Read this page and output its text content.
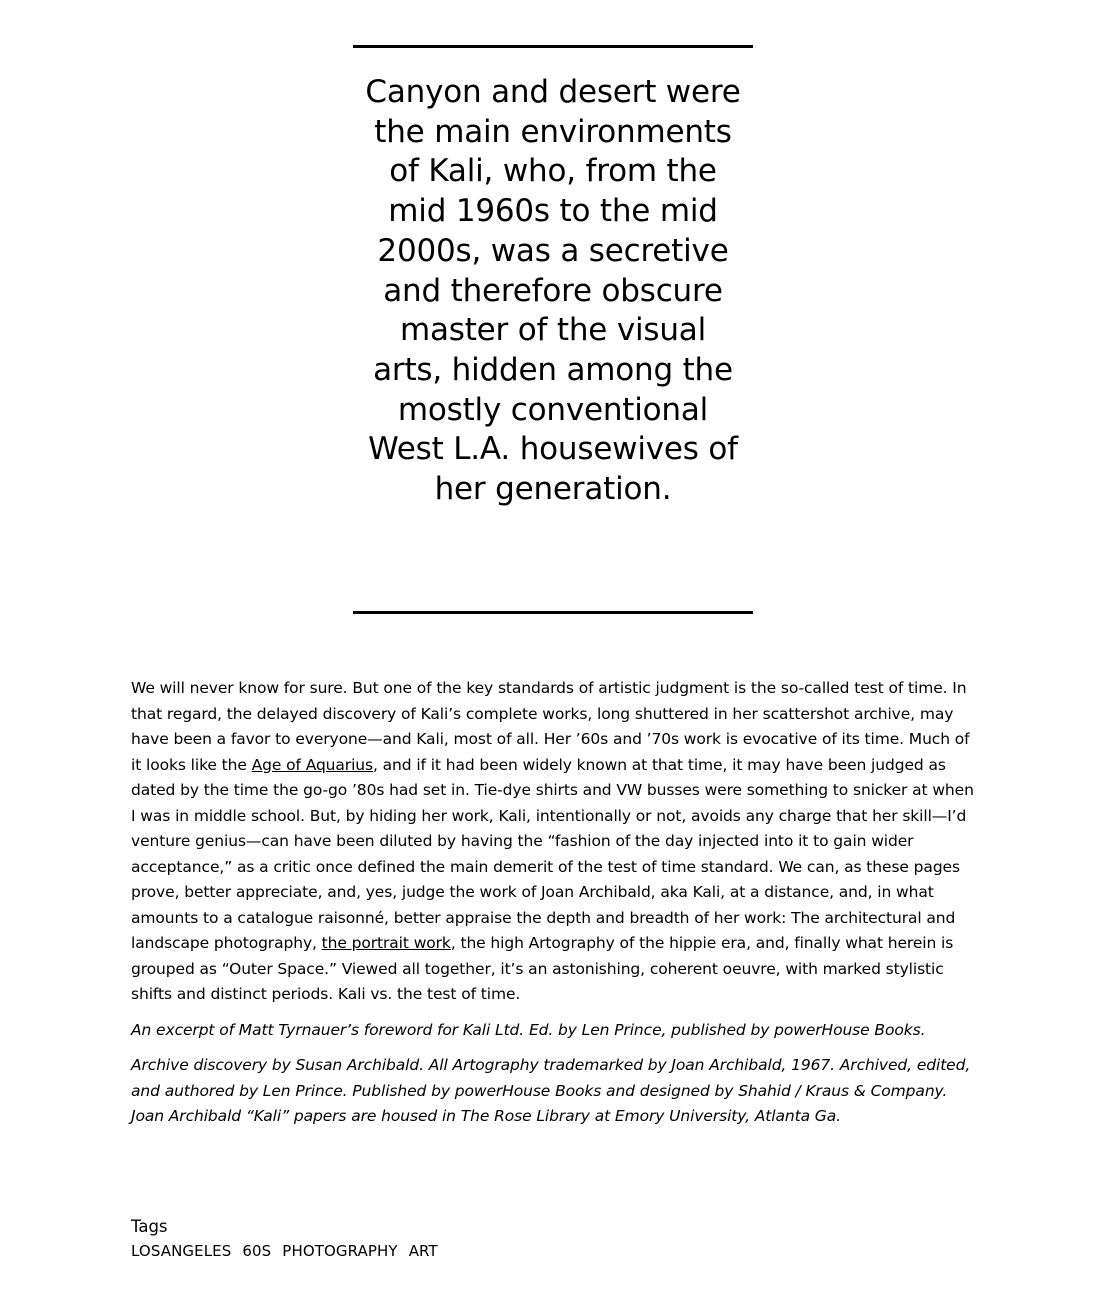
Canyon and desert were the main environments of Kali, who, from the mid 1960s to the mid 2000s, was a secretive and therefore obscure master of the visual arts, hidden among the mostly conventional West L.A. housewives of her generation.

We will never know for sure. But one of the key standards of artistic judgment is the so-called test of time. In that regard, the delayed discovery of Kali’s complete works, long shuttered in her scattershot archive, may have been a favor to everyone—and Kali, most of all. Her ’60s and ’70s work is evocative of its time. Much of it looks like the Age of Aquarius, and if it had been widely known at that time, it may have been judged as dated by the time the go-go ’80s had set in. Tie-dye shirts and VW busses were something to snicker at when I was in middle school. But, by hiding her work, Kali, intentionally or not, avoids any charge that her skill—I’d venture genius—can have been diluted by having the “fashion of the day injected into it to gain wider acceptance,” as a critic once defined the main demerit of the test of time standard. We can, as these pages prove, better appreciate, and, yes, judge the work of Joan Archibald, aka Kali, at a distance, and, in what amounts to a catalogue raisonné, better appraise the depth and breadth of her work: The architectural and landscape photography, the portrait work, the high Artography of the hippie era, and, finally what herein is grouped as “Outer Space.” Viewed all together, it’s an astonishing, coherent oeuvre, with marked stylistic shifts and distinct periods. Kali vs. the test of time.

An excerpt of Matt Tyrnauer’s foreword for Kali Ltd. Ed. by Len Prince, published by powerHouse Books.

Archive discovery by Susan Archibald. All Artography trademarked by Joan Archibald, 1967. Archived, edited, and authored by Len Prince. Published by powerHouse Books and designed by Shahid / Kraus & Company. Joan Archibald “Kali” papers are housed in The Rose Library at Emory University, Atlanta Ga.

Tags

LOSANGELES 60S PHOTOGRAPHY ART
